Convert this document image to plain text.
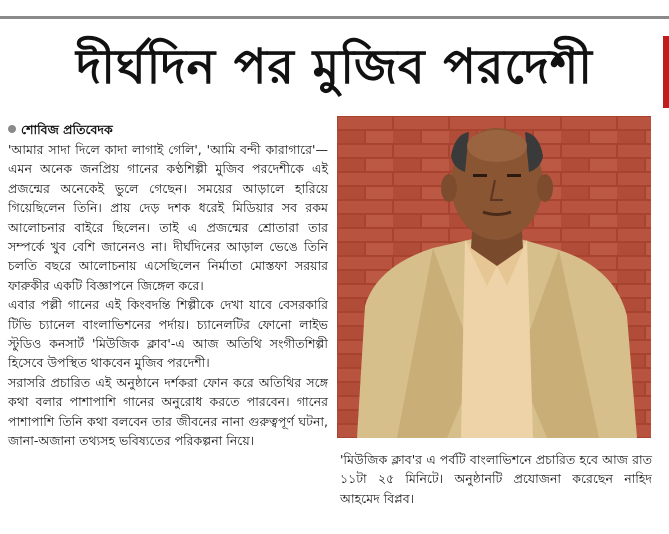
দীর্ঘদিন পর মুজিব পরদেশী
শোবিজ প্রতিবেদক

'আমার সাদা দিলে কাদা লাগাই গেলি', 'আমি বন্দী কারাগারে'— এমন অনেক জনপ্রিয় গানের কণ্ঠশিল্পী মুজিব পরদেশীকে এই প্রজন্মের অনেকেই ভুলে গেছেন। সময়ের আড়ালে হারিয়ে গিয়েছিলেন তিনি। প্রায় দেড় দশক ধরেই মিডিয়ার সব রকম আলোচনার বাইরে ছিলেন। তাই এ প্রজন্মের শ্রোতারা তার সম্পর্কে খুব বেশি জানেনও না। দীর্ঘদিনের আড়াল ভেঙে তিনি চলতি বছরে আলোচনায় এসেছিলেন নির্মাতা মোস্তফা সরয়ার ফারুকীর একটি বিজ্ঞাপনে জিঙ্গেল করে।

এবার পল্লী গানের এই কিংবদন্তি শিল্পীকে দেখা যাবে বেসরকারি টিভি চ্যানেল বাংলাভিশনের পর্দায়। চ্যানেলটির ফোনো লাইভ স্টুডিও কনসার্ট 'মিউজিক ক্লাব'-এ আজ অতিথি সংগীতশিল্পী হিসেবে উপস্থিত থাকবেন মুজিব পরদেশী।

সরাসরি প্রচারিত এই অনুষ্ঠানে দর্শকরা ফোন করে অতিথির সঙ্গে কথা বলার পাশাপাশি গানের অনুরোধ করতে পারবেন। গানের পাশাপাশি তিনি কথা বলবেন তার জীবনের নানা গুরুত্বপূর্ণ ঘটনা, জানা-অজানা তথ্যসহ ভবিষ্যতের পরিকল্পনা নিয়ে।

'মিউজিক ক্লাব'র এ পর্বটি বাংলাভিশনে প্রচারিত হবে আজ রাত ১১টা ২৫ মিনিটে। অনুষ্ঠানটি প্রযোজনা করেছেন নাহিদ আহমেদ বিপ্লব।
